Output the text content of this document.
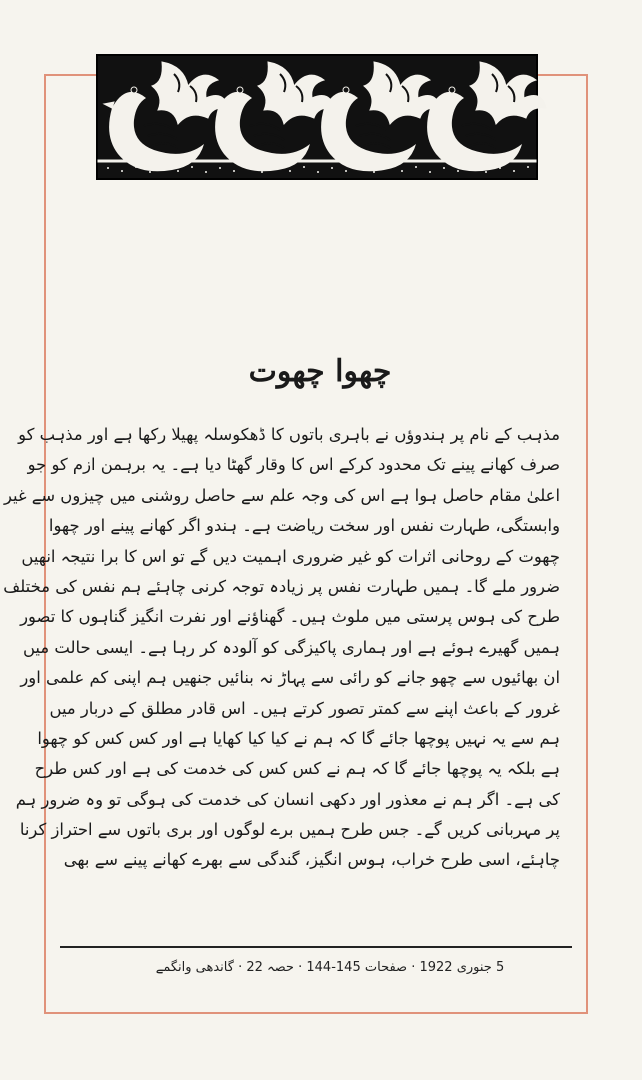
چھوا چھوت
مذہب کے نام پر ہندوؤں نے باہری باتوں کا ڈھکوسلہ پھیلا رکھا ہے اور مذہب کو
صرف کھانے پینے تک محدود کرکے اس کا وقار گھٹا دیا ہے۔ یہ برہمن ازم کو جو
اعلیٰ مقام حاصل ہوا ہے اس کی وجہ علم سے حاصل روشنی میں چیزوں سے غیر
وابستگی، طہارت نفس اور سخت ریاضت ہے۔ ہندو اگر کھانے پینے اور چھوا
چھوت کے روحانی اثرات کو غیر ضروری اہمیت دیں گے تو اس کا برا نتیجہ انھیں
ضرور ملے گا۔ ہمیں طہارت نفس پر زیادہ توجہ کرنی چاہئے ہم نفس کی مختلف
طرح کی ہوس پرستی میں ملوث ہیں۔ گھناؤنے اور نفرت انگیز گناہوں کا تصور
ہمیں گھیرے ہوئے ہے اور ہماری پاکیزگی کو آلودہ کر رہا ہے۔ ایسی حالت میں
ان بھائیوں سے چھو جانے کو رائی سے پہاڑ نہ بنائیں جنھیں ہم اپنی کم علمی اور
غرور کے باعث اپنے سے کمتر تصور کرتے ہیں۔ اس قادر مطلق کے دربار میں
ہم سے یہ نہیں پوچھا جائے گا کہ ہم نے کیا کیا کھایا ہے اور کس کس کو چھوا
ہے بلکہ یہ پوچھا جائے گا کہ ہم نے کس کس کی خدمت کی ہے اور کس طرح
کی ہے۔ اگر ہم نے معذور اور دکھی انسان کی خدمت کی ہوگی تو وہ ضرور ہم
پر مہربانی کریں گے۔ جس طرح ہمیں برے لوگوں اور بری باتوں سے احتراز کرنا
چاہئے، اسی طرح خراب، ہوس انگیز، گندگی سے بھرے کھانے پینے سے بھی
5 جنوری 1922 · صفحات 145-144 · حصہ 22 · گاندھی وانگمے
